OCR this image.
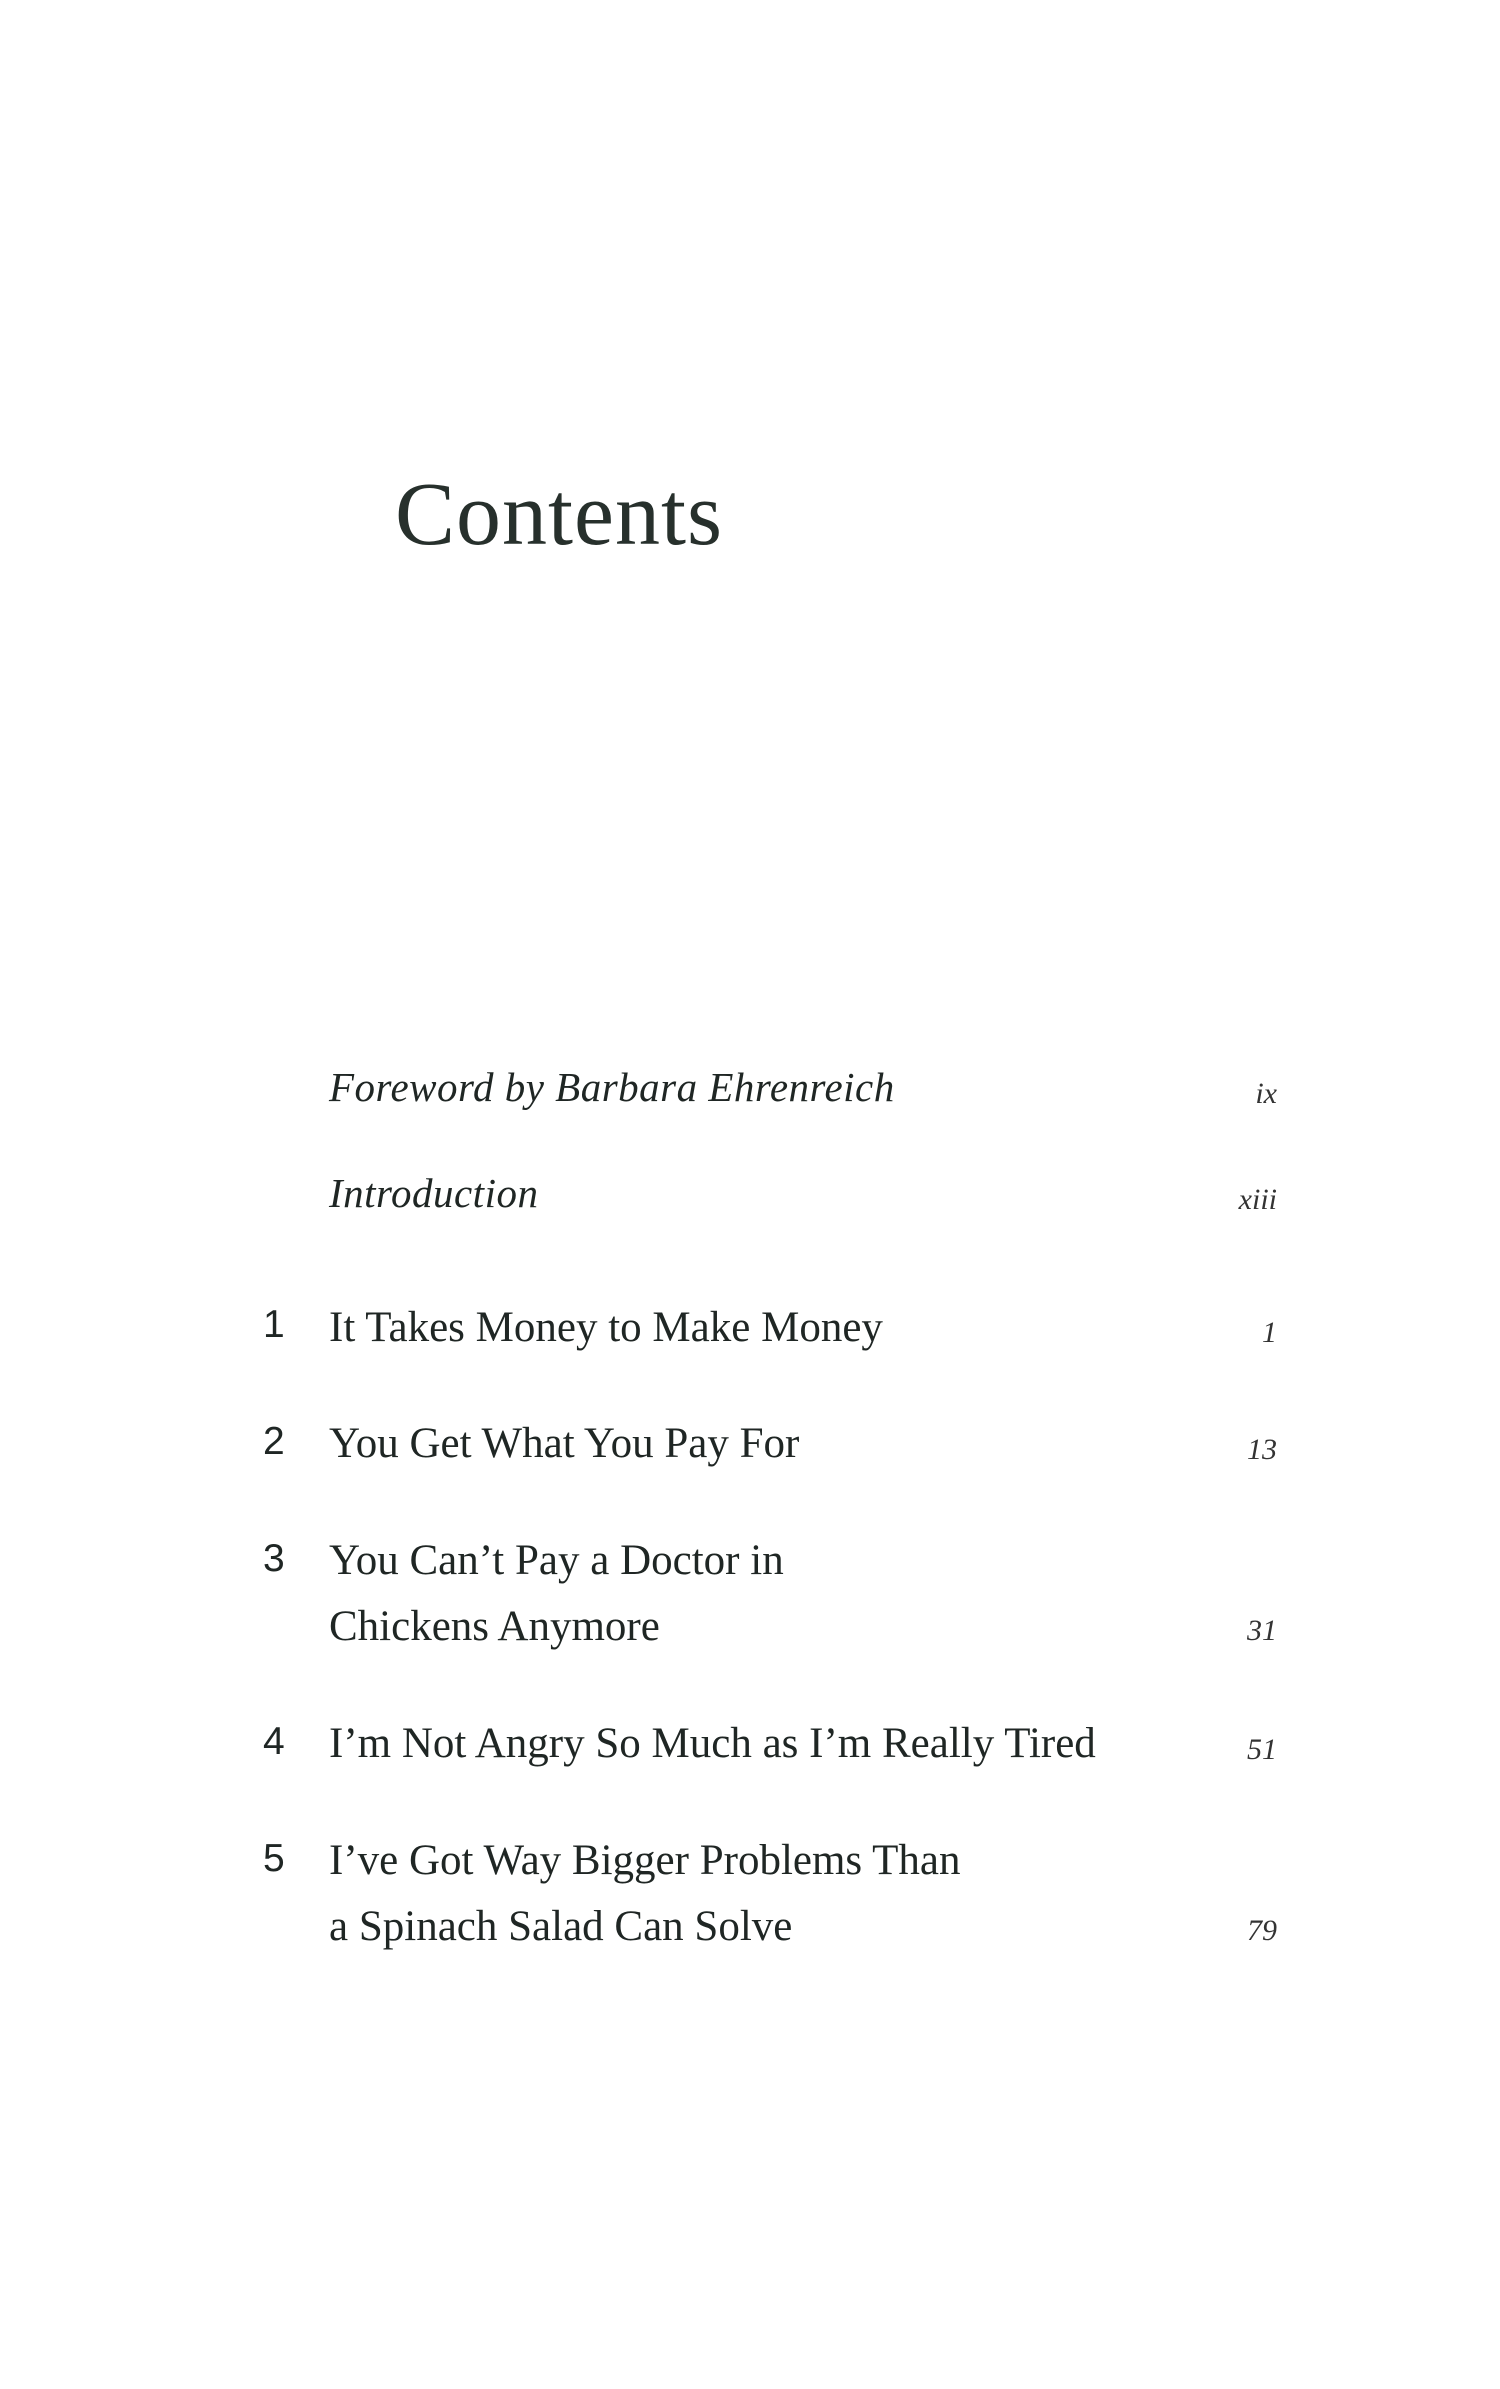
Contents
Foreword by Barbara Ehrenreich	ix
Introduction	xiii
1 It Takes Money to Make Money	1
2 You Get What You Pay For	13
3 You Can’t Pay a Doctor in
Chickens Anymore	31
4 I’m Not Angry So Much as I’m Really Tired	51
5 I’ve Got Way Bigger Problems Than
a Spinach Salad Can Solve	79
